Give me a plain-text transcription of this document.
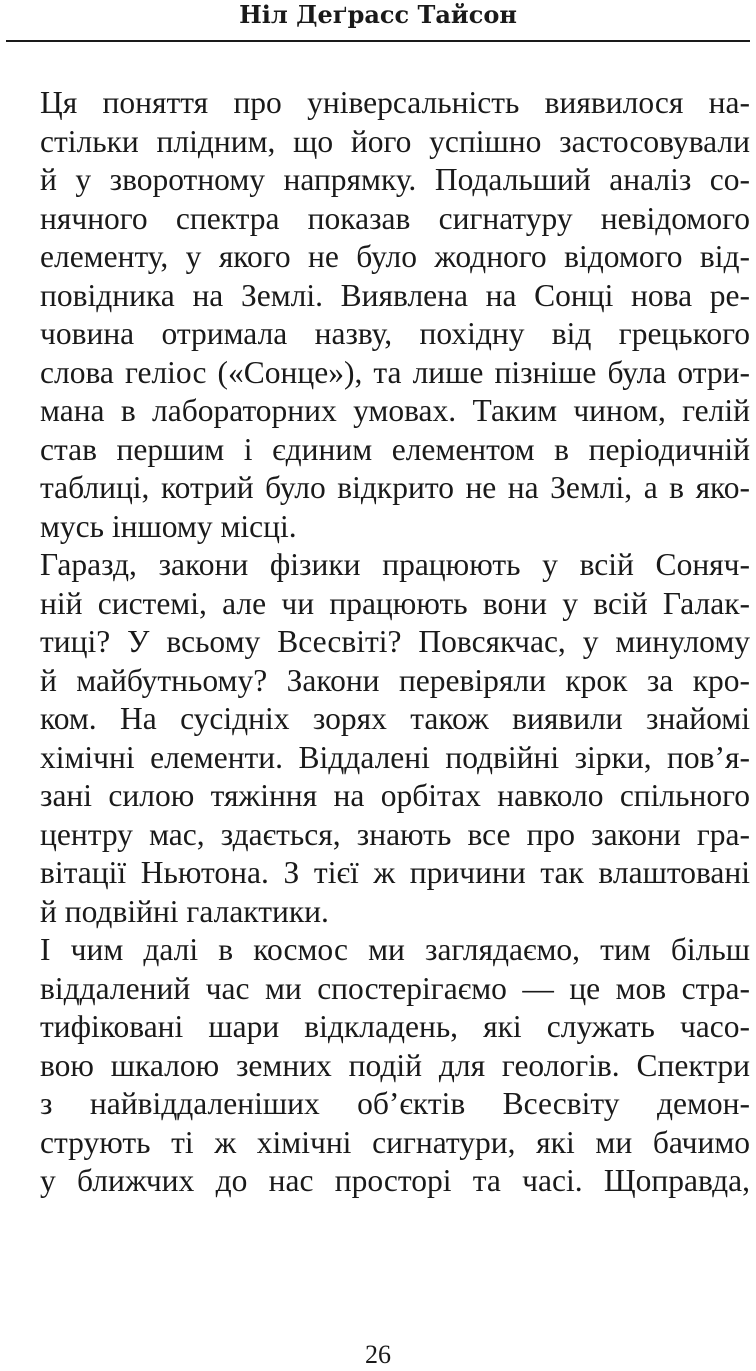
Ніл Деґрасс Тайсон

Ця поняття про універсальність виявилося на-
стільки плідним, що його успішно застосовували
й у зворотному напрямку. Подальший аналіз со-
нячного спектра показав сигнатуру невідомого
елементу, у якого не було жодного відомого від-
повідника на Землі. Виявлена на Сонці нова ре-
човина отримала назву, похідну від грецького
слова геліос («Сонце»), та лише пізніше була отри-
мана в лабораторних умовах. Таким чином, гелій
став першим і єдиним елементом в періодичній
таблиці, котрий було відкрито не на Землі, а в яко-
мусь іншому місці.

Гаразд, закони фізики працюють у всій Соняч-
ній системі, але чи працюють вони у всій Галак-
тиці? У всьому Всесвіті? Повсякчас, у минулому
й майбутньому? Закони перевіряли крок за кро-
ком. На сусідніх зорях також виявили знайомі
хімічні елементи. Віддалені подвійні зірки, пов’я-
зані силою тяжіння на орбітах навколо спільного
центру мас, здається, знають все про закони гра-
вітації Ньютона. З тієї ж причини так влаштовані
й подвійні галактики.

І чим далі в космос ми заглядаємо, тим більш
віддалений час ми спостерігаємо — це мов стра-
тифіковані шари відкладень, які служать часо-
вою шкалою земних подій для геологів. Спектри
з найвіддаленіших об’єктів Всесвіту демон-
струють ті ж хімічні сигнатури, які ми бачимо
у ближчих до нас просторі та часі. Щоправда,

26
